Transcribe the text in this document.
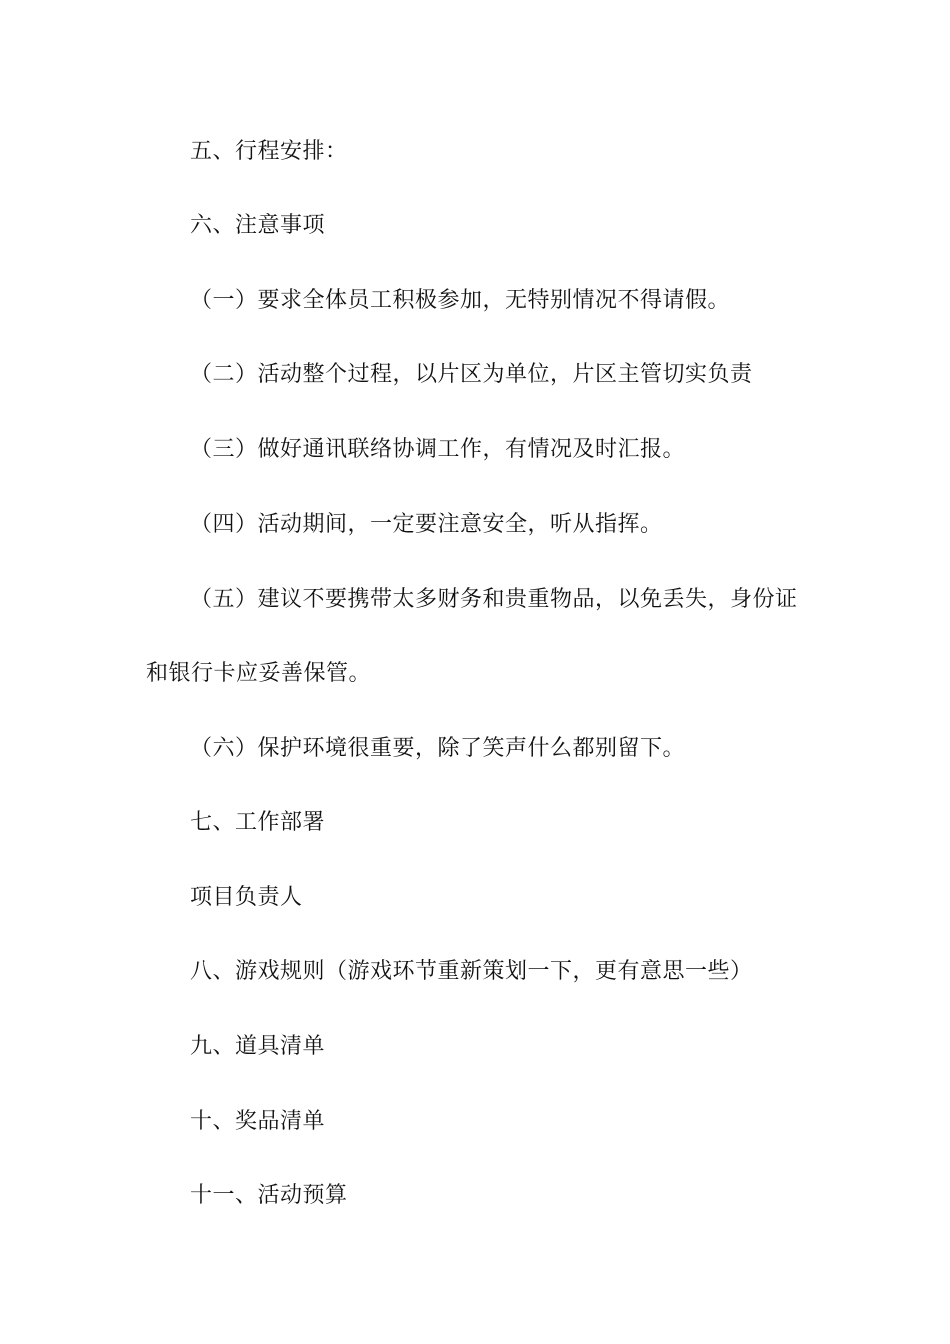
五、行程安排：
六、注意事项
（一）要求全体员工积极参加，无特别情况不得请假。
（二）活动整个过程，以片区为单位，片区主管切实负责
（三）做好通讯联络协调工作，有情况及时汇报。
（四）活动期间，一定要注意安全，听从指挥。
（五）建议不要携带太多财务和贵重物品，以免丢失，身份证
和银行卡应妥善保管。
（六）保护环境很重要，除了笑声什么都别留下。
七、工作部署
项目负责人
八、游戏规则（游戏环节重新策划一下，更有意思一些）
九、道具清单
十、奖品清单
十一、活动预算
